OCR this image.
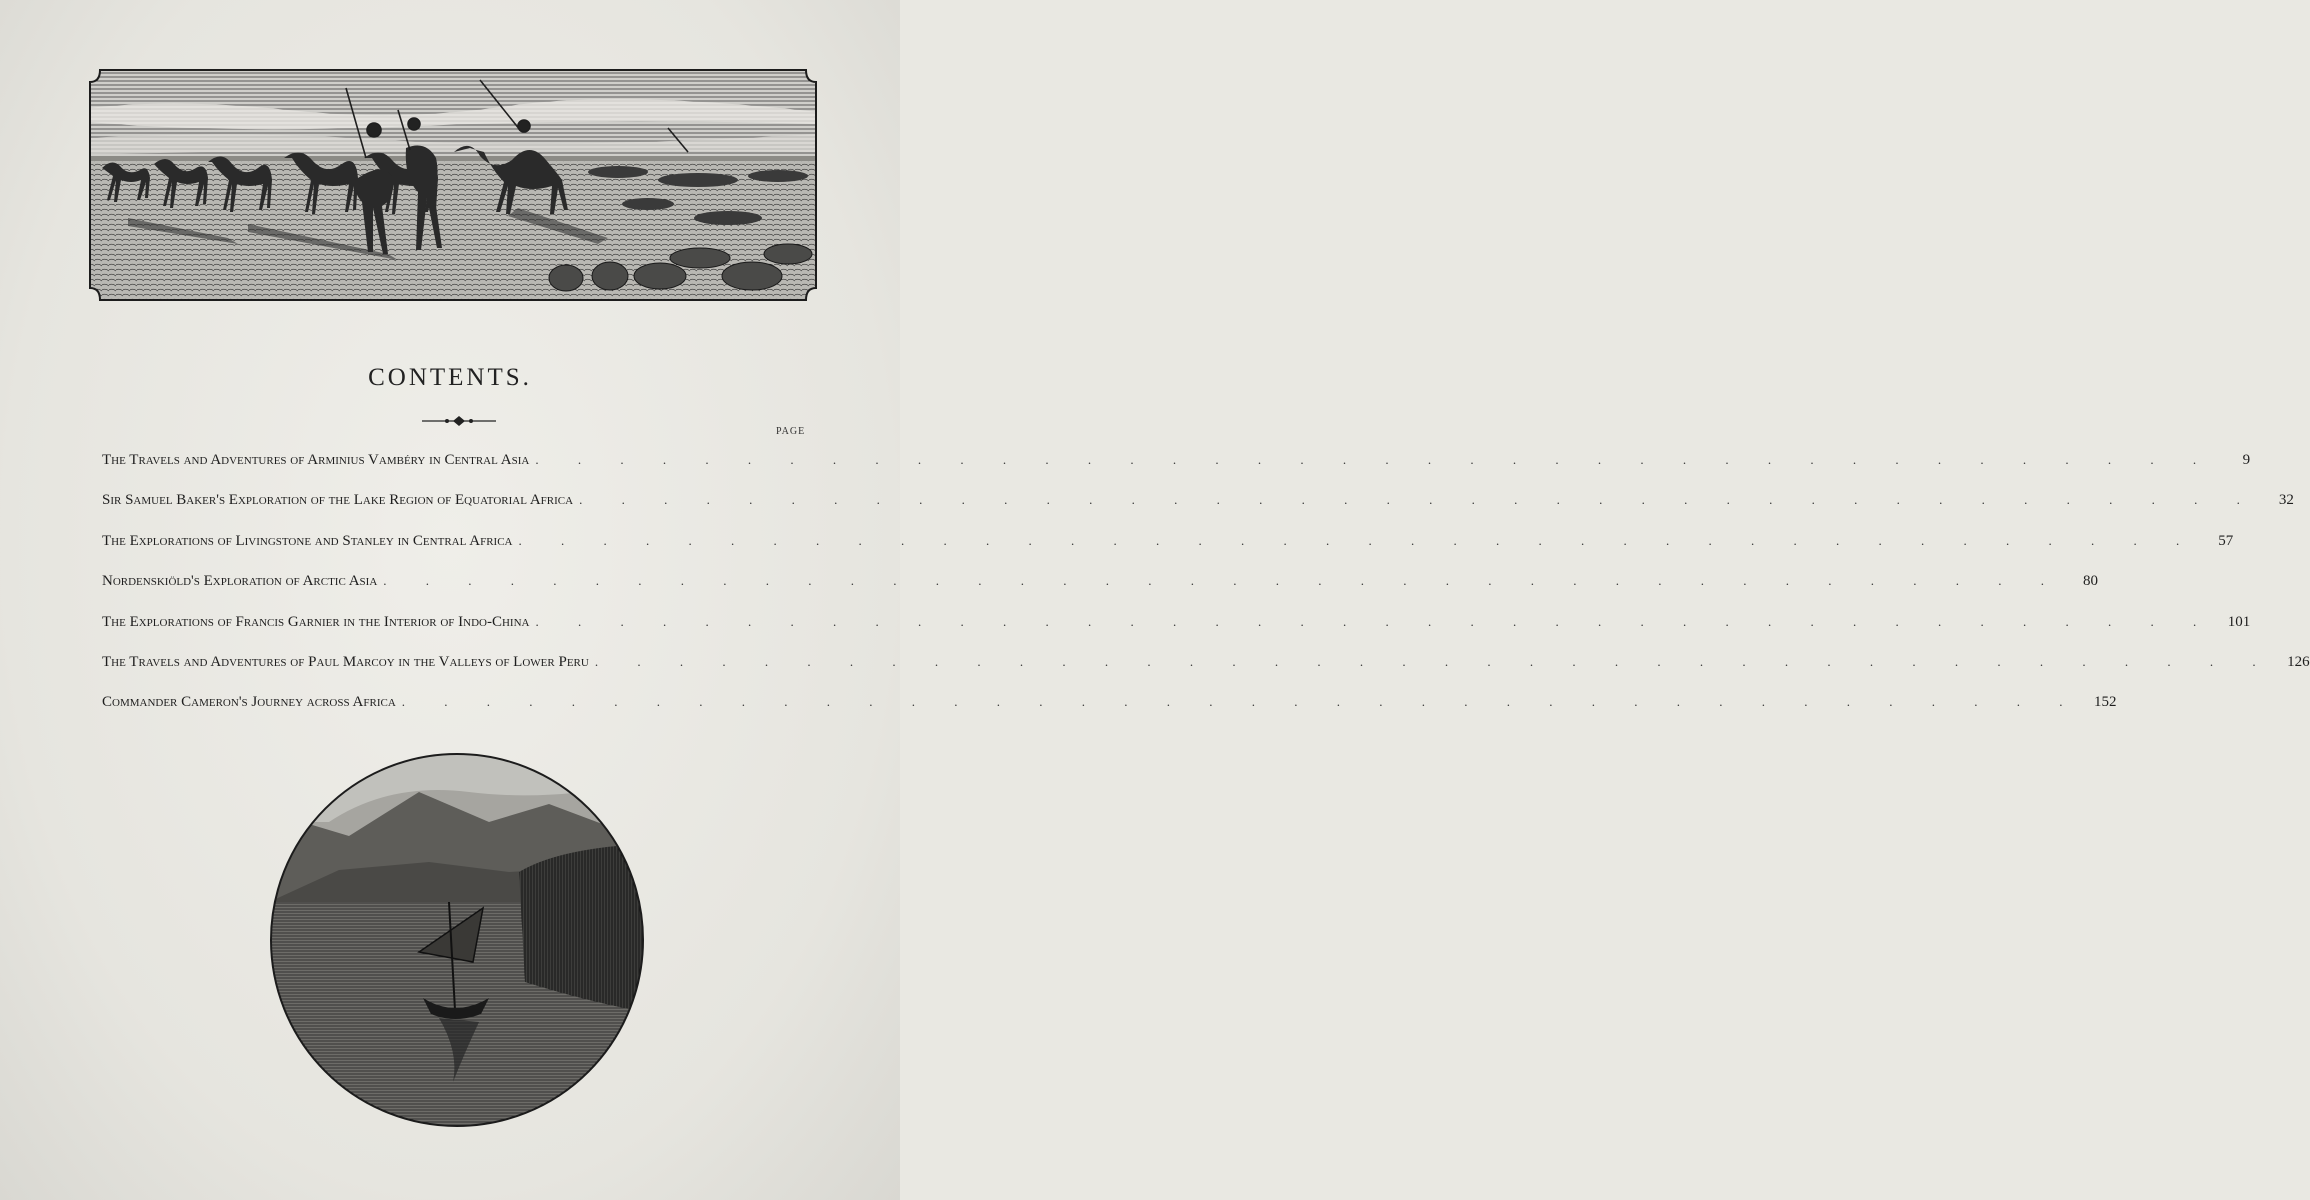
CONTENTS.
PAGE
The Travels and Adventures of Arminius Vambéry in Central Asia . . . . . . . . . . . . . . . . . . . . . . . . . . . . . . . . . . . . . . . .	9
Sir Samuel Baker's Exploration of the Lake Region of Equatorial Africa . . . . . . . . . . . . . . . . . . . . . . . . . . . . . . . . . . . . . . . .	32
The Explorations of Livingstone and Stanley in Central Africa . . . . . . . . . . . . . . . . . . . . . . . . . . . . . . . . . . . . . . . .	57
Nordenskiöld's Exploration of Arctic Asia . . . . . . . . . . . . . . . . . . . . . . . . . . . . . . . . . . . . . . . .	80
The Explorations of Francis Garnier in the Interior of Indo-China . . . . . . . . . . . . . . . . . . . . . . . . . . . . . . . . . . . . . . . . 101
The Travels and Adventures of Paul Marcoy in the Valleys of Lower Peru . . . . . . . . . . . . . . . . . . . . . . . . . . . . . . . . . . . . . . . . 126
Commander Cameron's Journey across Africa . . . . . . . . . . . . . . . . . . . . . . . . . . . . . . . . . . . . . . . . 152
